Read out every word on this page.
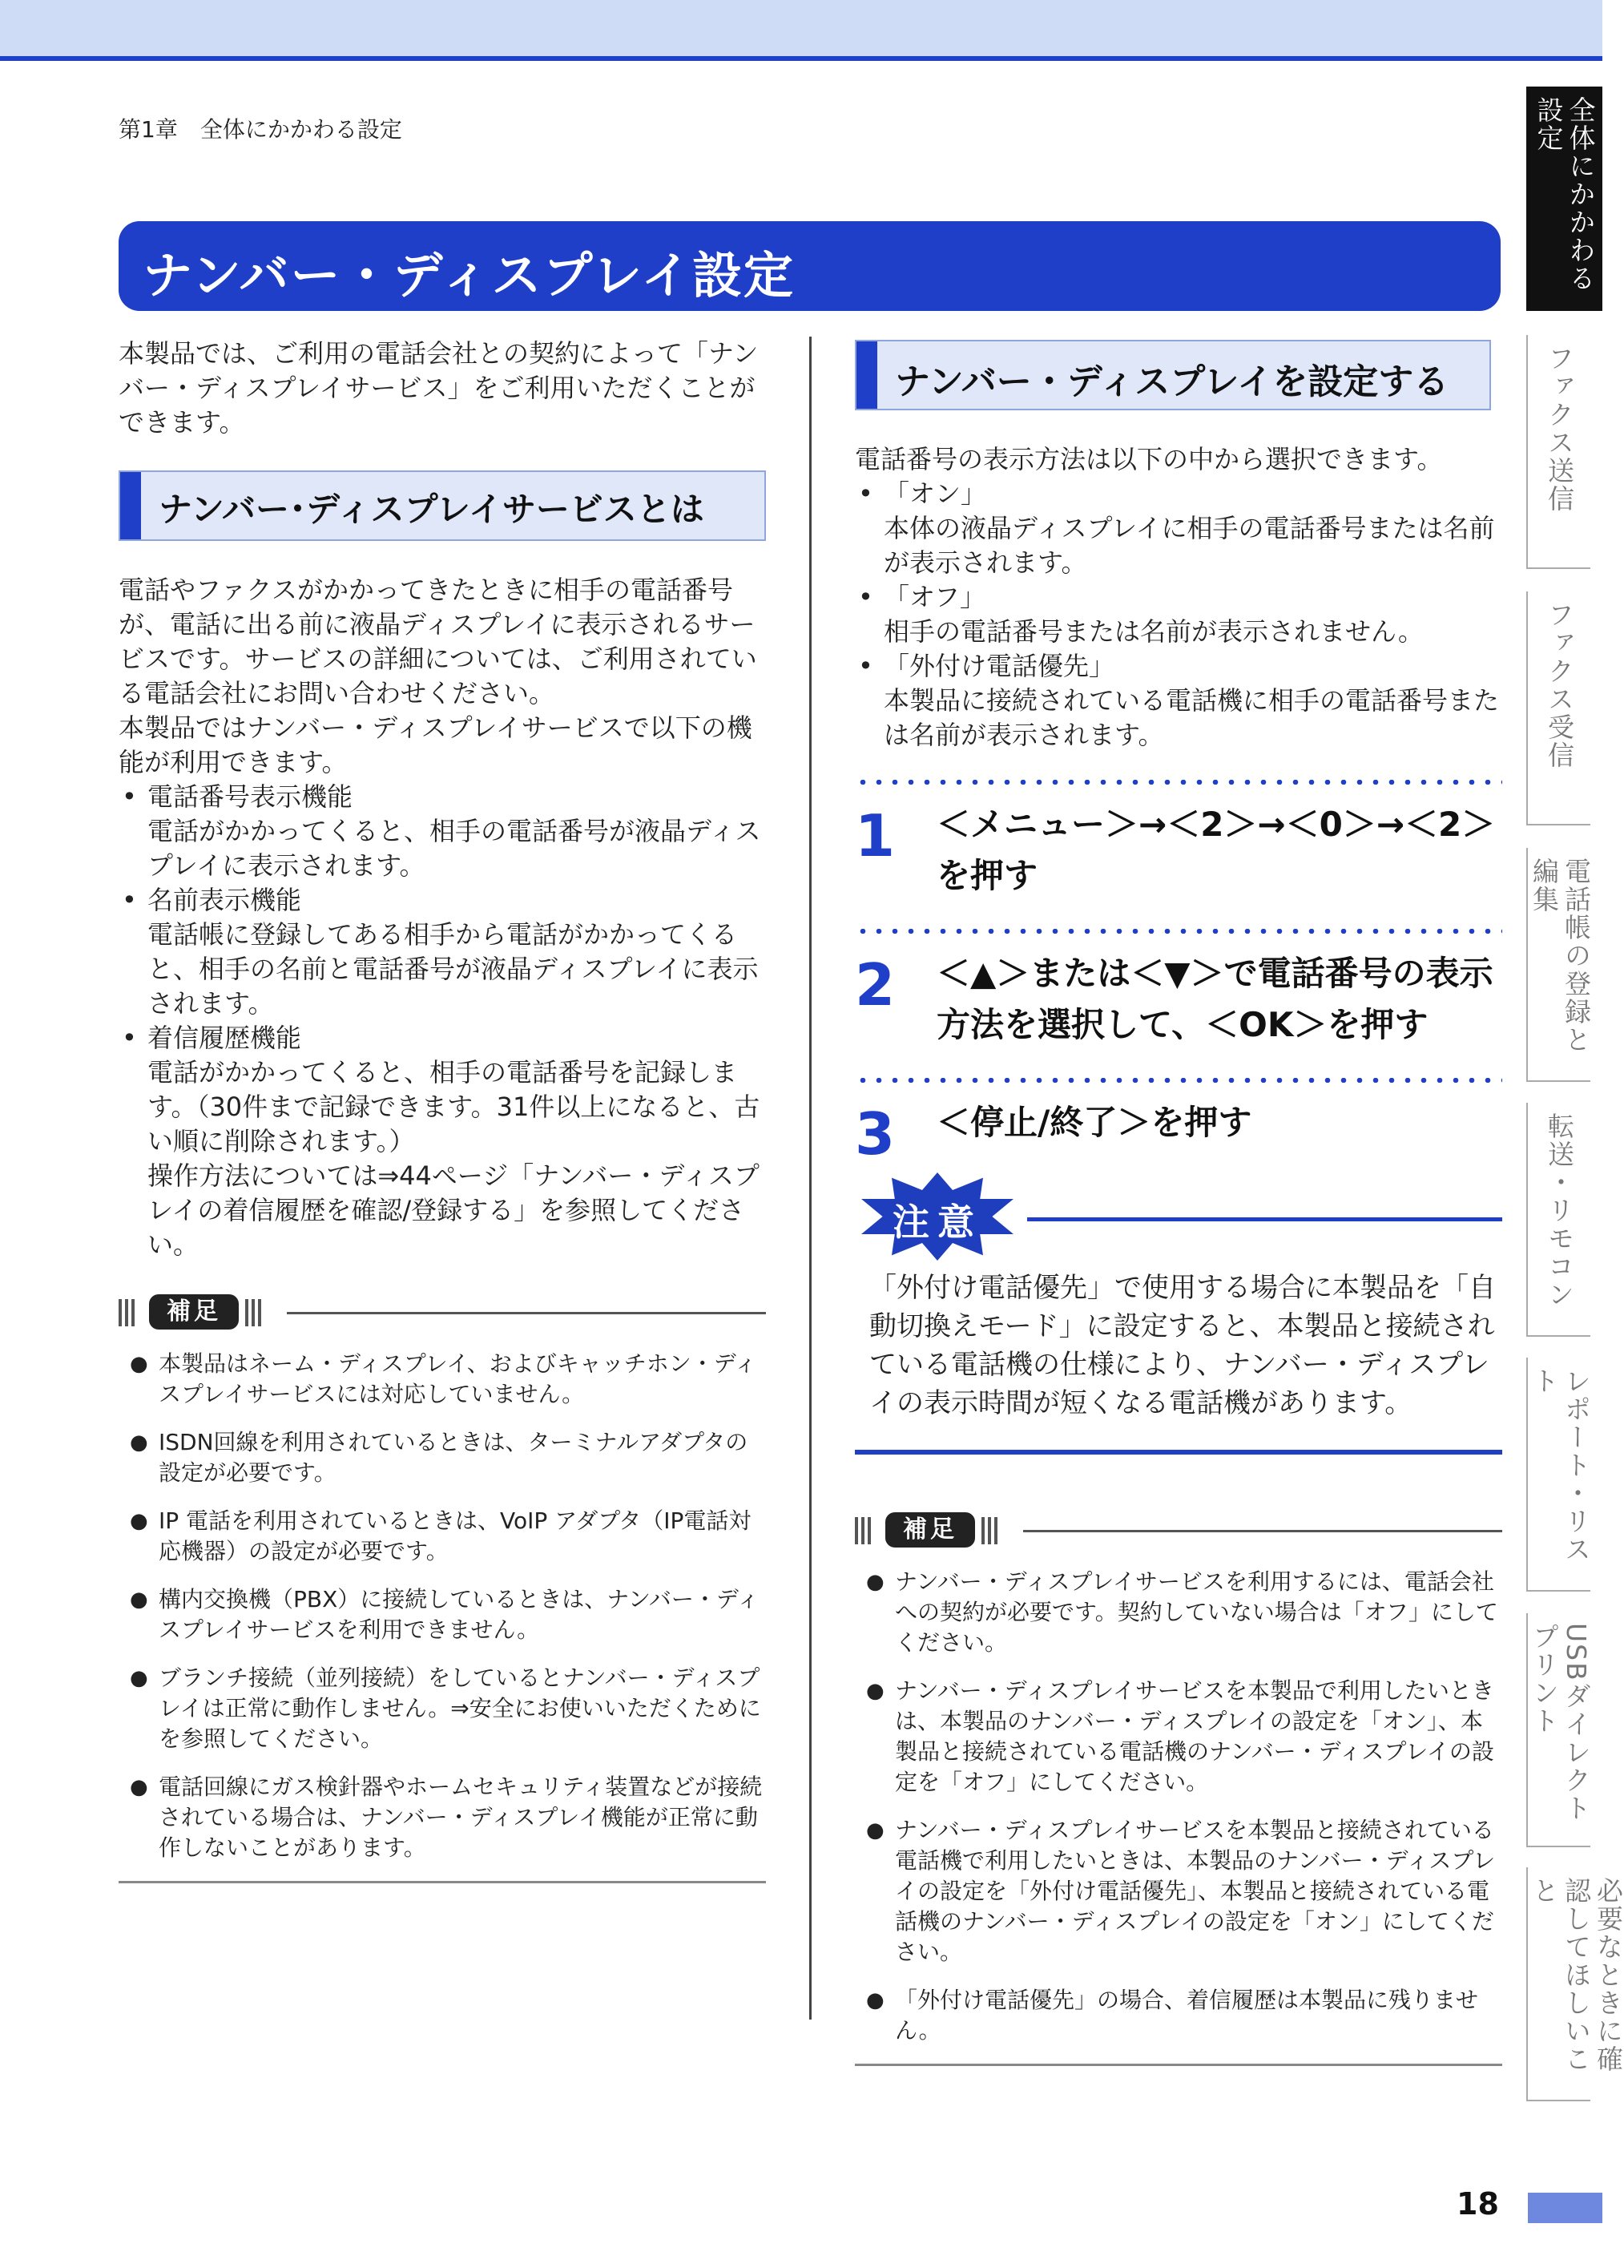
第1章　全体にかかわる設定
ナンバー・ディスプレイ設定

本製品では、ご利用の電話会社との契約によって「ナンバー・ディスプレイサービス」をご利用いただくことができます。

ナンバー･ディスプレイサービスとは

電話やファクスがかかってきたときに相手の電話番号が、電話に出る前に液晶ディスプレイに表示されるサービスです。サービスの詳細については、ご利用されている電話会社にお問い合わせください。

本製品ではナンバー・ディスプレイサービスで以下の機能が利用できます。

• 電話番号表示機能

電話がかかってくると、相手の電話番号が液晶ディスプレイに表示されます。

• 名前表示機能

電話帳に登録してある相手から電話がかかってくると、相手の名前と電話番号が液晶ディスプレイに表示されます。

• 着信履歴機能

電話がかかってくると、相手の電話番号を記録します。（30件まで記録できます。31件以上になると、古い順に削除されます。）

操作方法については⇒44ページ「ナンバー・ディスプレイの着信履歴を確認/登録する」を参照してください。

補足

● 本製品はネーム・ディスプレイ、およびキャッチホン・ディスプレイサービスには対応していません。

● ISDN回線を利用されているときは、ターミナルアダプタの設定が必要です。

● IP 電話を利用されているときは、VoIP アダプタ（IP電話対応機器）の設定が必要です。

● 構内交換機（PBX）に接続しているときは、ナンバー・ディスプレイサービスを利用できません。

● ブランチ接続（並列接続）をしているとナンバー・ディスプレイは正常に動作しません。⇒安全にお使いいただくためにを参照してください。

● 電話回線にガス検針器やホームセキュリティ装置などが接続されている場合は、ナンバー・ディスプレイ機能が正常に動作しないことがあります。

ナンバー・ディスプレイを設定する

電話番号の表示方法は以下の中から選択できます。

• 「オン」

本体の液晶ディスプレイに相手の電話番号または名前が表示されます。

• 「オフ」

相手の電話番号または名前が表示されません。

• 「外付け電話優先」

本製品に接続されている電話機に相手の電話番号または名前が表示されます。

1 ＜メニュー＞→＜2＞→＜0＞→＜2＞を押す
2 ＜▲＞または＜▼＞で電話番号の表示方法を選択して、＜OK＞を押す
3 ＜停止/終了＞を押す
注意

「外付け電話優先」で使用する場合に本製品を「自動切換えモード」に設定すると、本製品と接続されている電話機の仕様により、ナンバー・ディスプレイの表示時間が短くなる電話機があります。

補足

● ナンバー・ディスプレイサービスを利用するには、電話会社への契約が必要です。契約していない場合は「オフ」にしてください。

● ナンバー・ディスプレイサービスを本製品で利用したいときは、本製品のナンバー・ディスプレイの設定を「オン」、本製品と接続されている電話機のナンバー・ディスプレイの設定を「オフ」にしてください。

● ナンバー・ディスプレイサービスを本製品と接続されている電話機で利用したいときは、本製品のナンバー・ディスプレイの設定を「外付け電話優先」、本製品と接続されている電話機のナンバー・ディスプレイの設定を「オン」にしてください。

● 「外付け電話優先」の場合、着信履歴は本製品に残りません。

全体にかかわる設定
ファクス送信
ファクス受信
電話帳の登録と編集
転送・リモコン
レポート・リスト
USBダイレクトプリント
必要なときに確認してほしいこと
18
